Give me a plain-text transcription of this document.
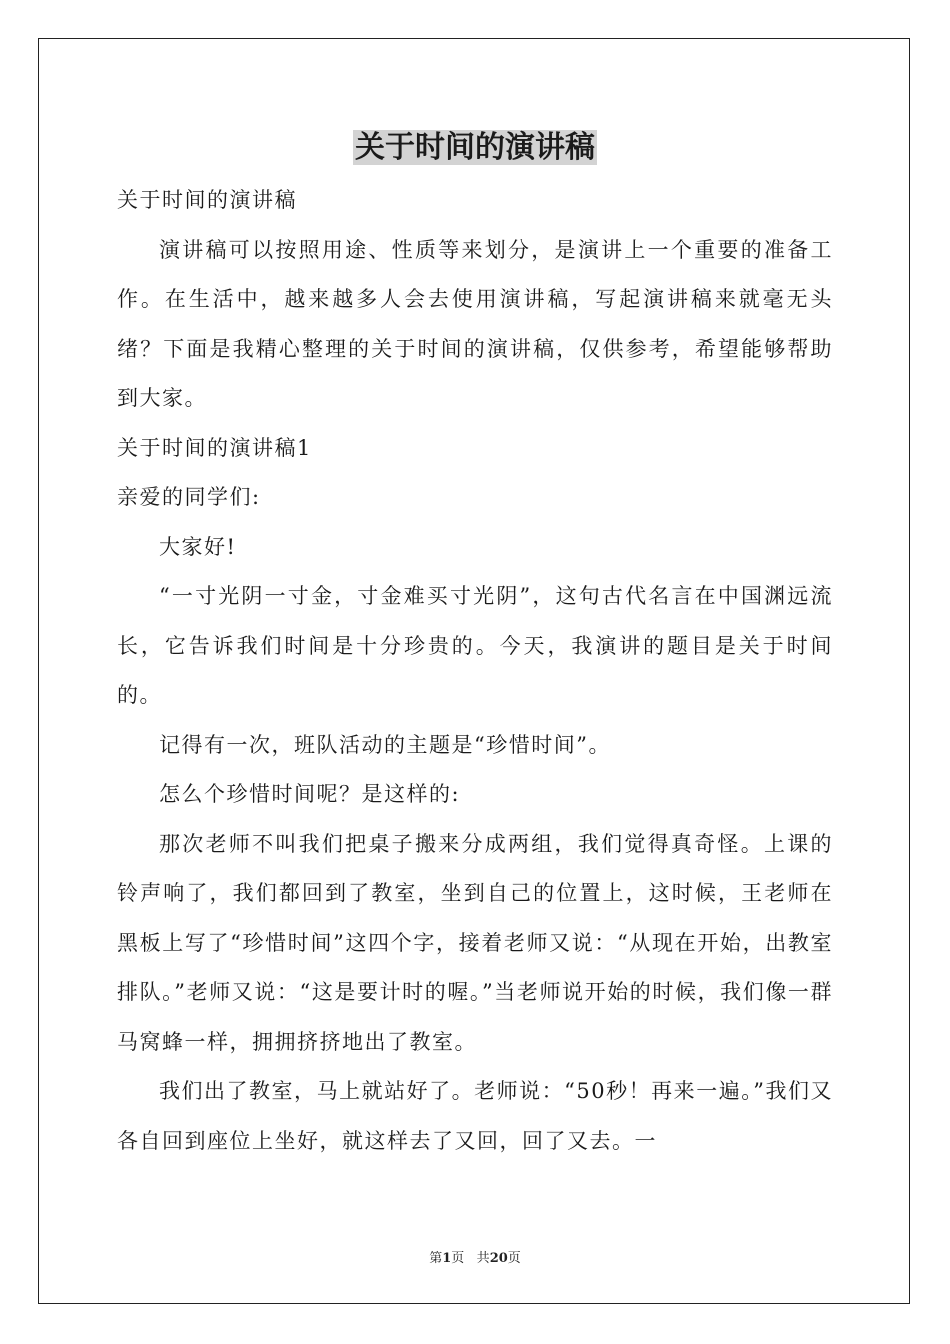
关于时间的演讲稿

关于时间的演讲稿

演讲稿可以按照用途、性质等来划分，是演讲上一个重要的准备工作。在生活中，越来越多人会去使用演讲稿，写起演讲稿来就毫无头绪？下面是我精心整理的关于时间的演讲稿，仅供参考，希望能够帮助到大家。

关于时间的演讲稿1

亲爱的同学们:

大家好!

“一寸光阴一寸金，寸金难买寸光阴”，这句古代名言在中国渊远流长，它告诉我们时间是十分珍贵的。今天，我演讲的题目是关于时间的。

记得有一次，班队活动的主题是“珍惜时间”。

怎么个珍惜时间呢？是这样的:

那次老师不叫我们把桌子搬来分成两组，我们觉得真奇怪。上课的铃声响了，我们都回到了教室，坐到自己的位置上，这时候，王老师在黑板上写了“珍惜时间”这四个字，接着老师又说：“从现在开始，出教室排队。”老师又说：“这是要计时的喔。”当老师说开始的时候，我们像一群马窝蜂一样，拥拥挤挤地出了教室。

我们出了教室，马上就站好了。老师说：“50秒！再来一遍。”我们又各自回到座位上坐好，就这样去了又回，回了又去。一

第1页 共20页
